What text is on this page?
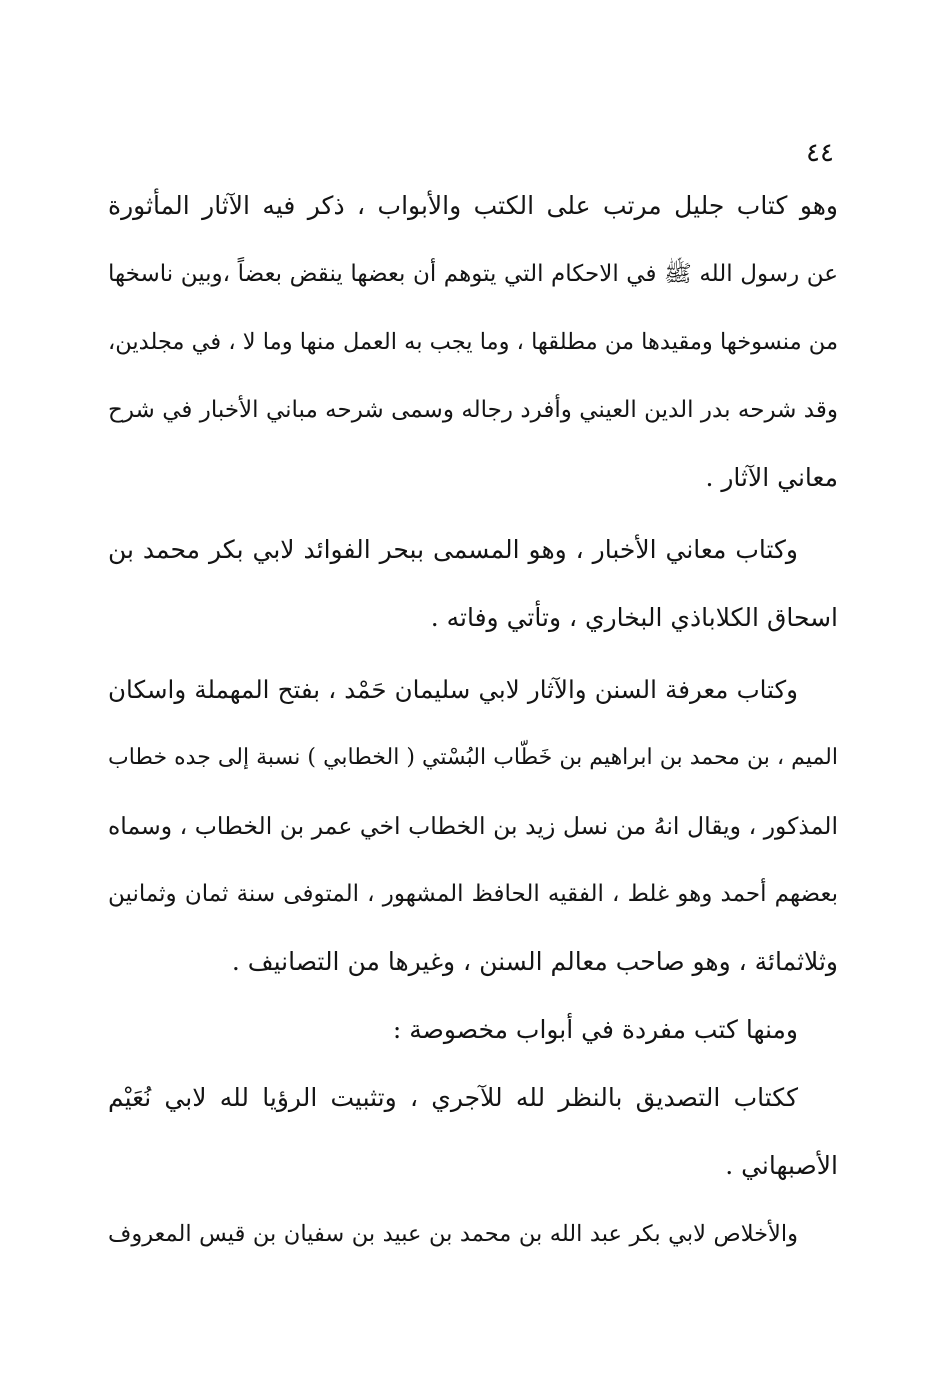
٤٤
وهو كتاب جليل مرتب على الكتب والأبواب ، ذكر فيه الآثار المأثورة
عن رسول الله ﷺ في الاحكام التي يتوهم أن بعضها ينقض بعضاً ،وبين ناسخها
من منسوخها ومقيدها من مطلقها ، وما يجب به العمل منها وما لا ، في مجلدين،
وقد شرحه بدر الدين العيني وأفرد رجاله وسمى شرحه مباني الأخبار في شرح
معاني الآثار .
وكتاب معاني الأخبار ، وهو المسمى ببحر الفوائد لابي بكر محمد بن
اسحاق الكلاباذي البخاري ، وتأتي وفاته .
وكتاب معرفة السنن والآثار لابي سليمان حَمْد ، بفتح المهملة واسكان
الميم ، بن محمد بن ابراهيم بن خَطّاب البُسْتي ( الخطابي ) نسبة إلى جده خطاب
المذكور ، ويقال انهُ من نسل زيد بن الخطاب اخي عمر بن الخطاب ، وسماه
بعضهم أحمد وهو غلط ، الفقيه الحافظ المشهور ، المتوفى سنة ثمان وثمانين
وثلاثمائة ، وهو صاحب معالم السنن ، وغيرها من التصانيف .
ومنها كتب مفردة في أبواب مخصوصة :
ككتاب التصديق بالنظر لله للآجري ، وتثبيت الرؤيا لله لابي نُعَيْم
الأصبهاني .
والأخلاص لابي بكر عبد الله بن محمد بن عبيد بن سفيان بن قيس المعروف
